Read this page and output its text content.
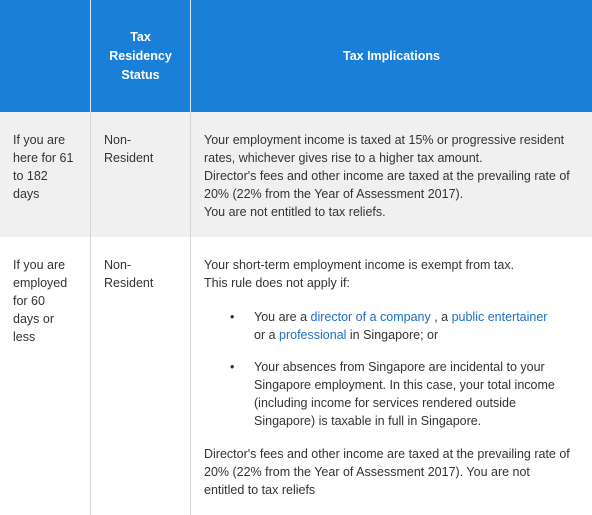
Tax
Residency
Status
Tax Implications

If you are

here for 61

to 182

days

Non-

Resident

Your employment income is taxed at 15% or progressive resident

rates, whichever gives rise to a higher tax amount.

Director's fees and other income are taxed at the prevailing rate of

20% (22% from the Year of Assessment 2017).

You are not entitled to tax reliefs.

If you are

employed

for 60

days or

less

Non-

Resident

Your short-term employment income is exempt from tax.

This rule does not apply if:

• You are a director of a company , a public entertainer

or a professional in Singapore; or

• Your absences from Singapore are incidental to your

Singapore employment. In this case, your total income

(including income for services rendered outside

Singapore) is taxable in full in Singapore.

Director's fees and other income are taxed at the prevailing rate of

20% (22% from the Year of Assessment 2017). You are not

entitled to tax reliefs
